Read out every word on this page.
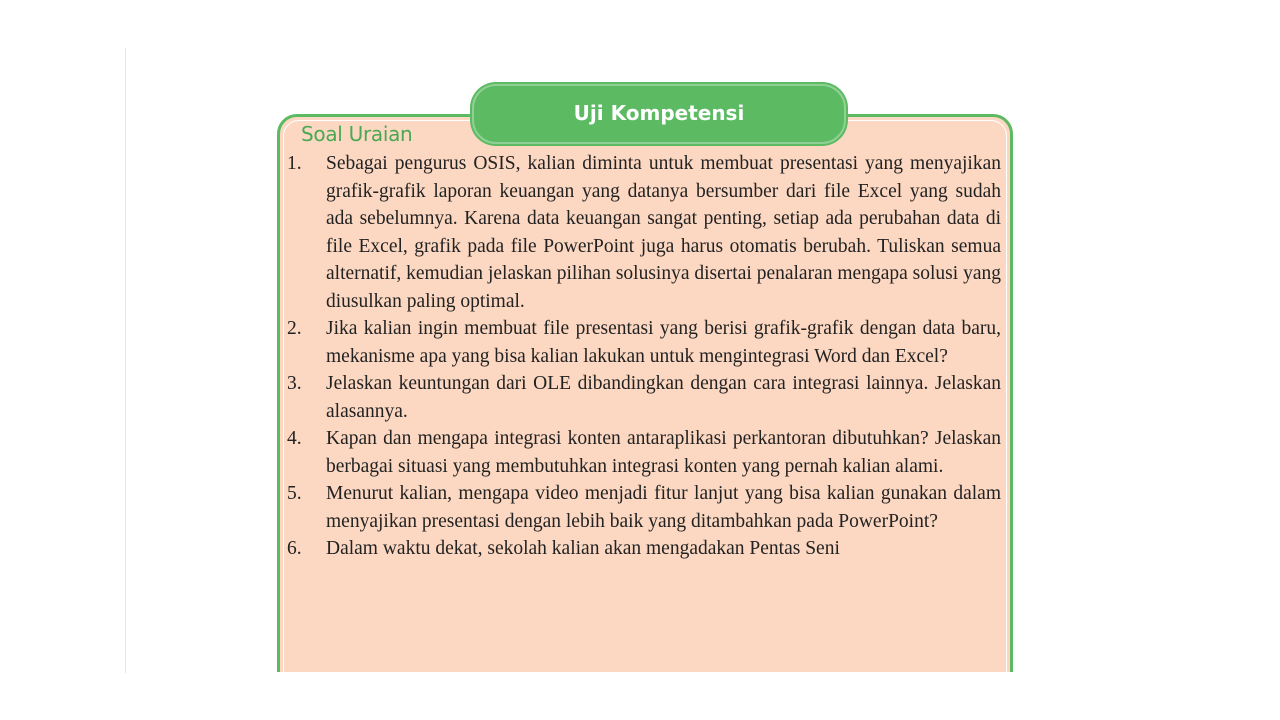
Uji Kompetensi
Soal Uraian
1. Sebagai pengurus OSIS, kalian diminta untuk membuat presentasi yang menyajikan grafik-grafik laporan keuangan yang datanya bersumber dari file Excel yang sudah ada sebelumnya. Karena data keuangan sangat penting, setiap ada perubahan data di file Excel, grafik pada file PowerPoint juga harus otomatis berubah. Tuliskan semua alternatif, kemudian jelaskan pilihan solusinya disertai penalaran mengapa solusi yang diusulkan paling optimal.
2. Jika kalian ingin membuat file presentasi yang berisi grafik-grafik dengan data baru, mekanisme apa yang bisa kalian lakukan untuk mengintegrasi Word dan Excel?
3. Jelaskan keuntungan dari OLE dibandingkan dengan cara integrasi lainnya. Jelaskan alasannya.
4. Kapan dan mengapa integrasi konten antaraplikasi perkantoran dibutuhkan? Jelaskan berbagai situasi yang membutuhkan integrasi konten yang pernah kalian alami.
5. Menurut kalian, mengapa video menjadi fitur lanjut yang bisa kalian gunakan dalam menyajikan presentasi dengan lebih baik yang ditambahkan pada PowerPoint?
6. Dalam waktu dekat, sekolah kalian akan mengadakan Pentas Seni
